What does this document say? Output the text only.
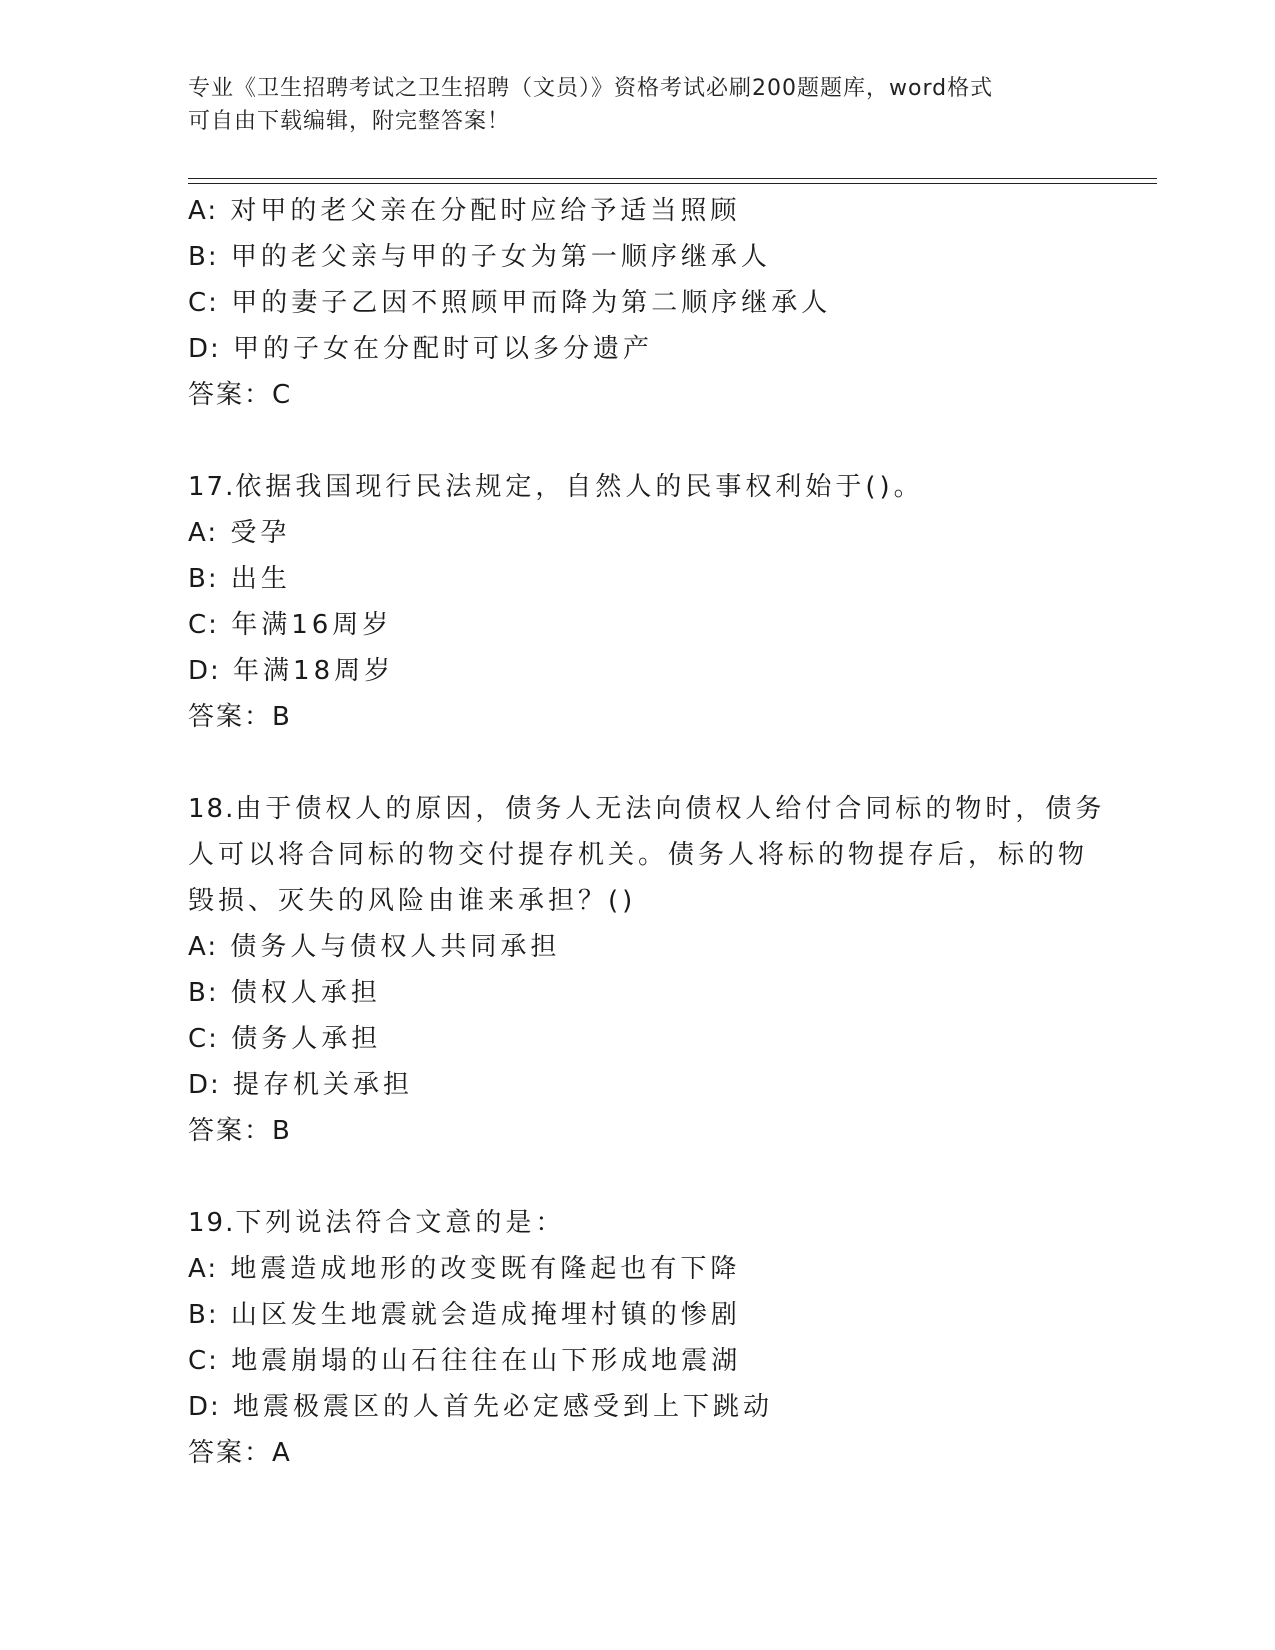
专业《卫生招聘考试之卫生招聘（文员）》资格考试必刷200题题库，word格式
可自由下载编辑，附完整答案！
A: 对甲的老父亲在分配时应给予适当照顾
B: 甲的老父亲与甲的子女为第一顺序继承人
C: 甲的妻子乙因不照顾甲而降为第二顺序继承人
D: 甲的子女在分配时可以多分遗产
答案：C
17.依据我国现行民法规定，自然人的民事权利始于()。
A: 受孕
B: 出生
C: 年满16周岁
D: 年满18周岁
答案：B
18.由于债权人的原因，债务人无法向债权人给付合同标的物时，债务
人可以将合同标的物交付提存机关。债务人将标的物提存后，标的物
毁损、灭失的风险由谁来承担？()
A: 债务人与债权人共同承担
B: 债权人承担
C: 债务人承担
D: 提存机关承担
答案：B
19.下列说法符合文意的是：
A: 地震造成地形的改变既有隆起也有下降
B: 山区发生地震就会造成掩埋村镇的惨剧
C: 地震崩塌的山石往往在山下形成地震湖
D: 地震极震区的人首先必定感受到上下跳动
答案：A
